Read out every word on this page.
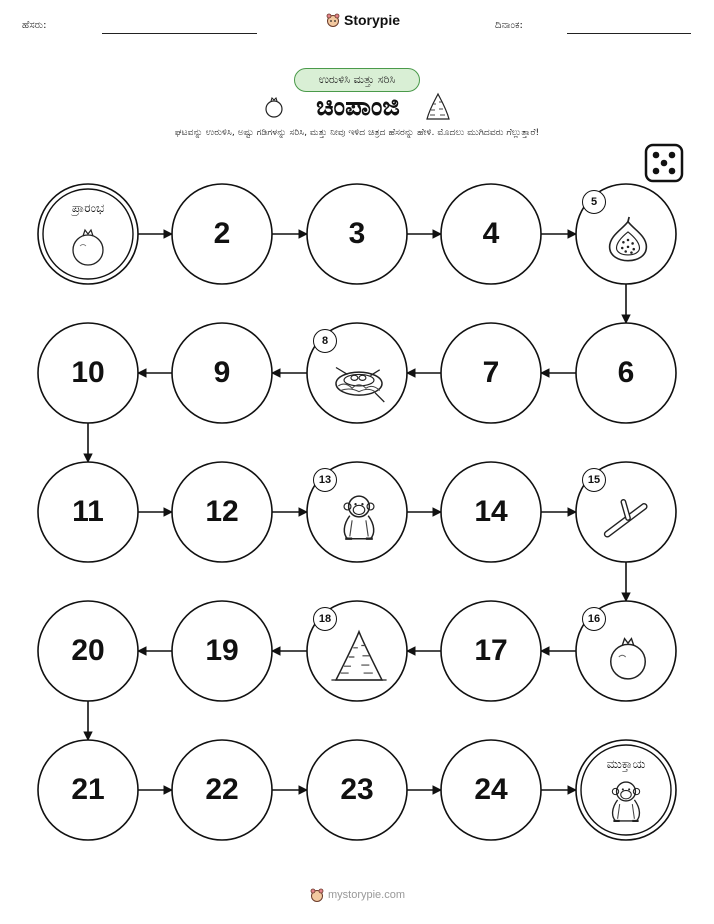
ಹೆಸರು:	Storypie	ದಿನಾಂಕ:
ಉರುಳಿಸಿ ಮತ್ತು ಸರಿಸಿ
ಚಿಂಪಾಂಜಿ
ಘಟವನ್ನು ಉರುಳಿಸಿ, ಅಷ್ಟು ಗಡಿಗಳನ್ನು ಸರಿಸಿ, ಮತ್ತು ನೀವು ಇಳಿದ ಚಿತ್ರದ ಹೆಸರನ್ನು ಹೇಳಿ. ಮೊದಲು ಮುಗಿದವರು ಗೆಲ್ಲುತ್ತಾರೆ!
ಪ್ರಾರಂಭ
2	3	4
5
6
7
8
9
10
11	12
13
14
15
16
17
18
19
20
21	22	23	24
ಮುಕ್ತಾಯ
mystorypie.com
